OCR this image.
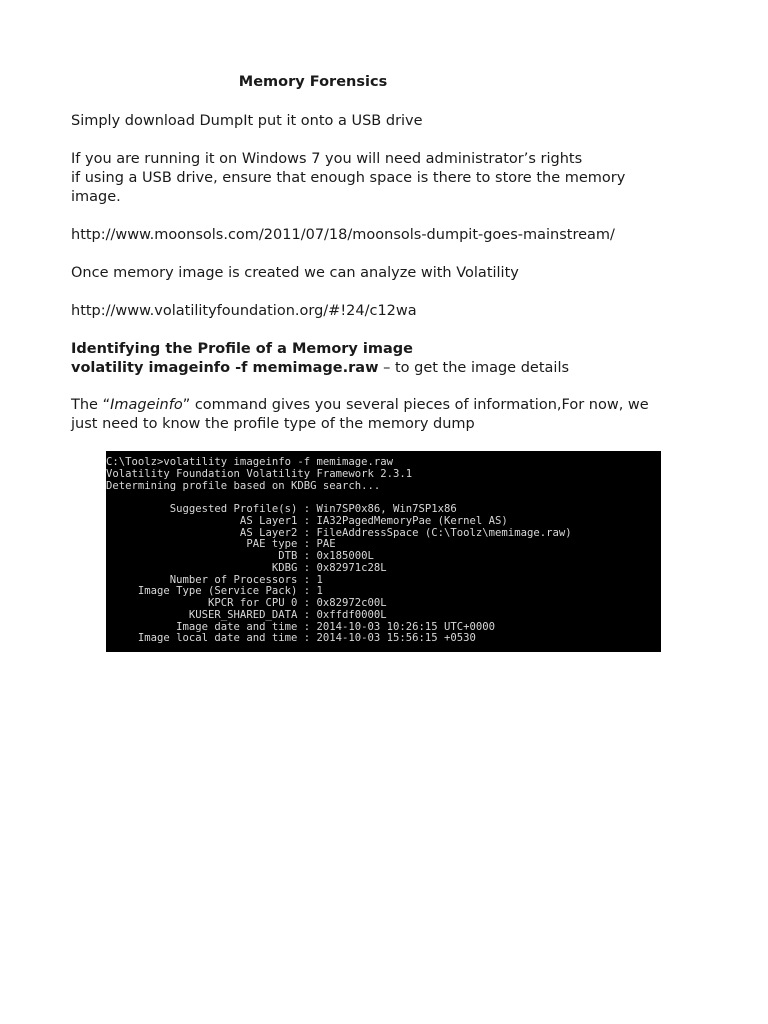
Memory Forensics

Simply download DumpIt put it onto a USB drive

If you are running it on Windows 7 you will need administrator’s rights
if using a USB drive, ensure that enough space is there to store the memory
image.

http://www.moonsols.com/2011/07/18/moonsols-dumpit-goes-mainstream/

Once memory image is created we can analyze with Volatility

http://www.volatilityfoundation.org/#!24/c12wa

Identifying the Profile of a Memory image
volatility imageinfo -f memimage.raw – to get the image details
The “Imageinfo” command gives you several pieces of information,For now, we
just need to know the profile type of the memory dump
C:\Toolz>volatility imageinfo -f memimage.raw
Volatility Foundation Volatility Framework 2.3.1
Determining profile based on KDBG search...
Suggested Profile(s) : Win7SP0x86, Win7SP1x86
AS Layer1 : IA32PagedMemoryPae (Kernel AS)
AS Layer2 : FileAddressSpace (C:\Toolz\memimage.raw)
PAE type : PAE
DTB : 0x185000L
KDBG : 0x82971c28L
Number of Processors : 1
Image Type (Service Pack) : 1
KPCR for CPU 0 : 0x82972c00L
KUSER_SHARED_DATA : 0xffdf0000L
Image date and time : 2014-10-03 10:26:15 UTC+0000
Image local date and time : 2014-10-03 15:56:15 +0530
